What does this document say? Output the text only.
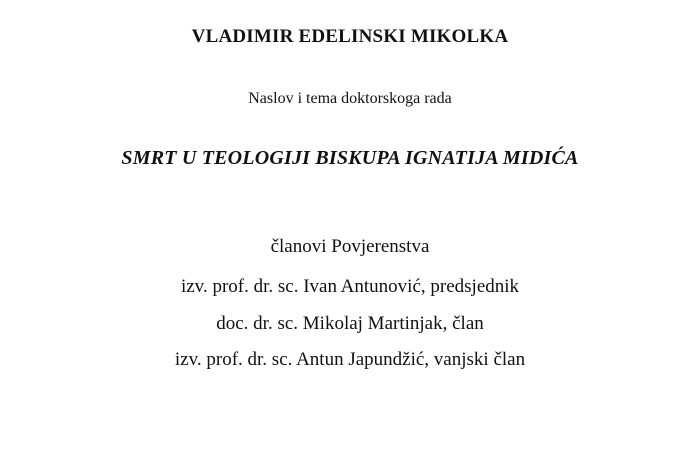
VLADIMIR EDELINSKI MIKOLKA
Naslov i tema doktorskoga rada
SMRT U TEOLOGIJI BISKUPA IGNATIJA MIDIĆA
članovi Povjerenstva
izv. prof. dr. sc. Ivan Antunović, predsjednik
doc. dr. sc. Mikolaj Martinjak, član
izv. prof. dr. sc. Antun Japundžić, vanjski član
